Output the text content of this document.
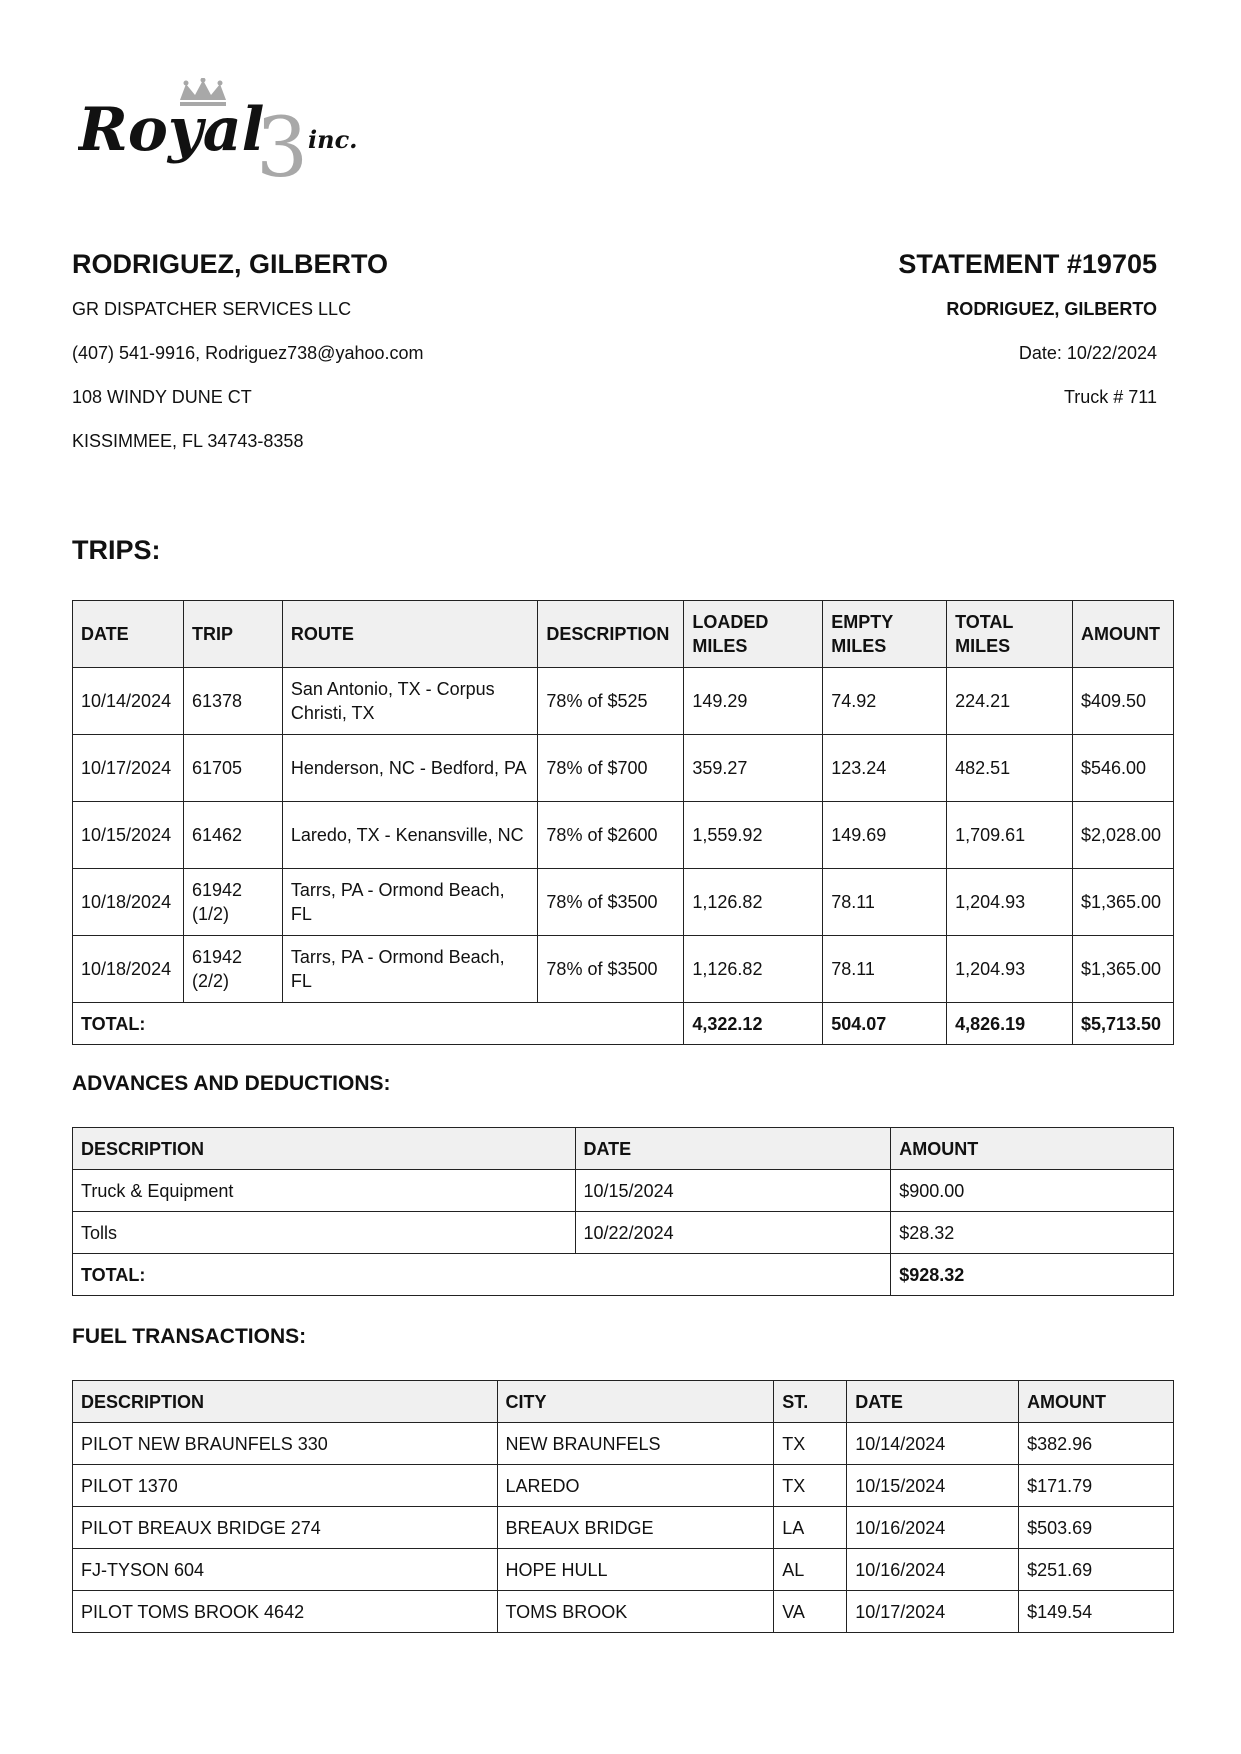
Royal
3 inc.
RODRIGUEZ, GILBERTO
GR DISPATCHER SERVICES LLC
(407) 541-9916, Rodriguez738@yahoo.com
108 WINDY DUNE CT
KISSIMMEE, FL 34743-8358
STATEMENT #19705
RODRIGUEZ, GILBERTO
Date: 10/22/2024
Truck # 711
TRIPS:
DATE	TRIP	ROUTE	DESCRIPTION	LOADED MILES	EMPTY MILES	TOTAL MILES	AMOUNT
10/14/2024	61378	San Antonio, TX - Corpus Christi, TX	78% of $525	149.29	74.92	224.21	$409.50
10/17/2024	61705	Henderson, NC - Bedford, PA	78% of $700	359.27	123.24	482.51	$546.00
10/15/2024	61462	Laredo, TX - Kenansville, NC	78% of $2600	1,559.92	149.69	1,709.61	$2,028.00
10/18/2024	61942 (1/2)	Tarrs, PA - Ormond Beach, FL	78% of $3500	1,126.82	78.11	1,204.93	$1,365.00
10/18/2024	61942 (2/2)	Tarrs, PA - Ormond Beach, FL	78% of $3500	1,126.82	78.11	1,204.93	$1,365.00
TOTAL:				4,322.12	504.07	4,826.19	$5,713.50
ADVANCES AND DEDUCTIONS:
DESCRIPTION	DATE	AMOUNT
Truck & Equipment	10/15/2024	$900.00
Tolls	10/22/2024	$28.32
TOTAL:		$928.32
FUEL TRANSACTIONS:
DESCRIPTION	CITY	ST.	DATE	AMOUNT
PILOT NEW BRAUNFELS 330	NEW BRAUNFELS	TX	10/14/2024	$382.96
PILOT 1370	LAREDO	TX	10/15/2024	$171.79
PILOT BREAUX BRIDGE 274	BREAUX BRIDGE	LA	10/16/2024	$503.69
FJ-TYSON 604	HOPE HULL	AL	10/16/2024	$251.69
PILOT TOMS BROOK 4642	TOMS BROOK	VA	10/17/2024	$149.54
